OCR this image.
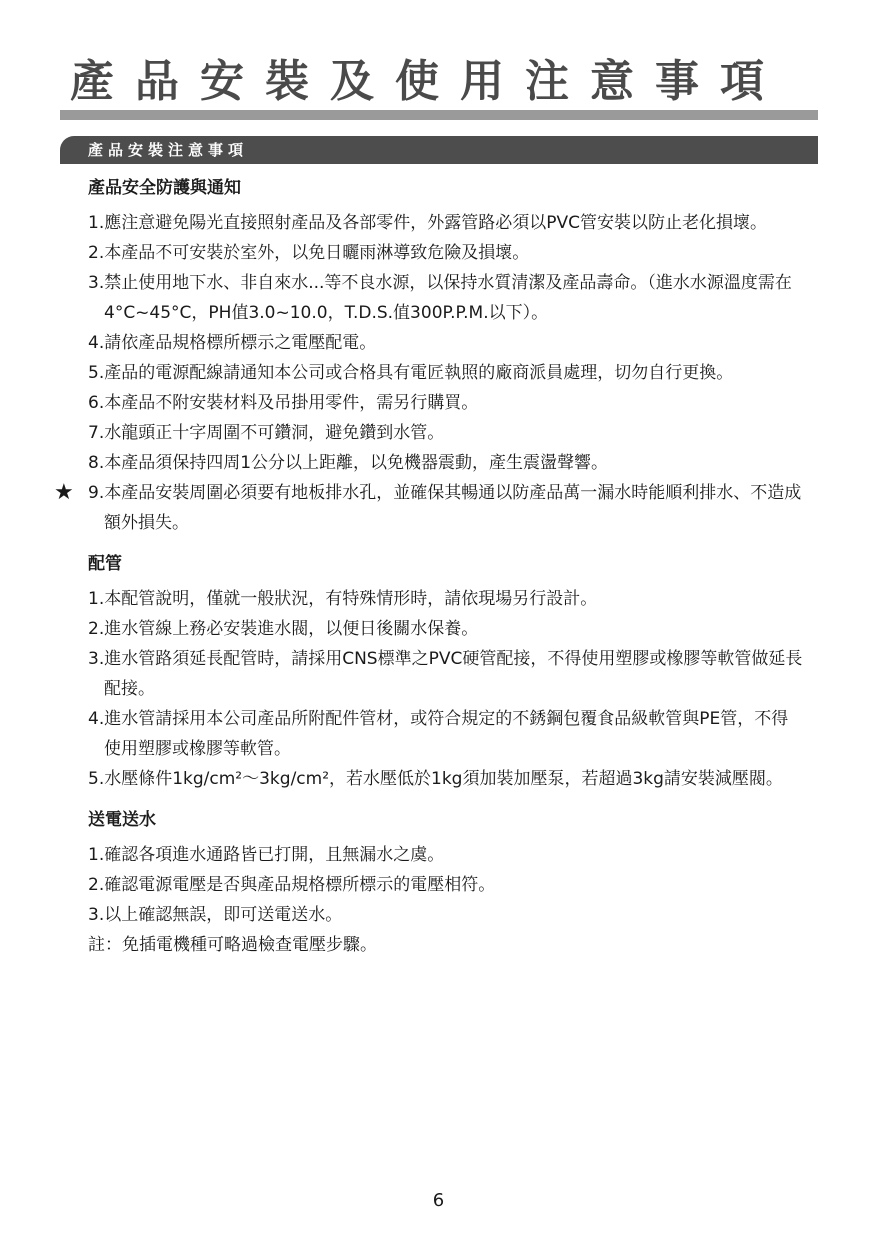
產品安裝及使用注意事項
產品安裝注意事項
產品安全防護與通知
1.應注意避免陽光直接照射產品及各部零件，外露管路必須以PVC管安裝以防止老化損壞。
2.本產品不可安裝於室外，以免日曬雨淋導致危險及損壞。
3.禁止使用地下水、非自來水...等不良水源，以保持水質清潔及產品壽命。（進水水源溫度需在4°C~45°C，PH值3.0~10.0，T.D.S.值300P.P.M.以下）。
4.請依產品規格標所標示之電壓配電。
5.產品的電源配線請通知本公司或合格具有電匠執照的廠商派員處理，切勿自行更換。
6.本產品不附安裝材料及吊掛用零件，需另行購買。
7.水龍頭正十字周圍不可鑽洞，避免鑽到水管。
8.本產品須保持四周1公分以上距離，以免機器震動，產生震盪聲響。
★ 9.本產品安裝周圍必須要有地板排水孔，並確保其暢通以防產品萬一漏水時能順利排水、不造成額外損失。
配管
1.本配管說明，僅就一般狀況，有特殊情形時，請依現場另行設計。
2.進水管線上務必安裝進水閥，以便日後關水保養。
3.進水管路須延長配管時，請採用CNS標準之PVC硬管配接，不得使用塑膠或橡膠等軟管做延長配接。
4.進水管請採用本公司產品所附配件管材，或符合規定的不銹鋼包覆食品級軟管與PE管，不得使用塑膠或橡膠等軟管。
5.水壓條件1kg/cm²～3kg/cm²，若水壓低於1kg須加裝加壓泵，若超過3kg請安裝減壓閥。
送電送水
1.確認各項進水通路皆已打開，且無漏水之虞。
2.確認電源電壓是否與產品規格標所標示的電壓相符。
3.以上確認無誤，即可送電送水。
註：免插電機種可略過檢查電壓步驟。
6
